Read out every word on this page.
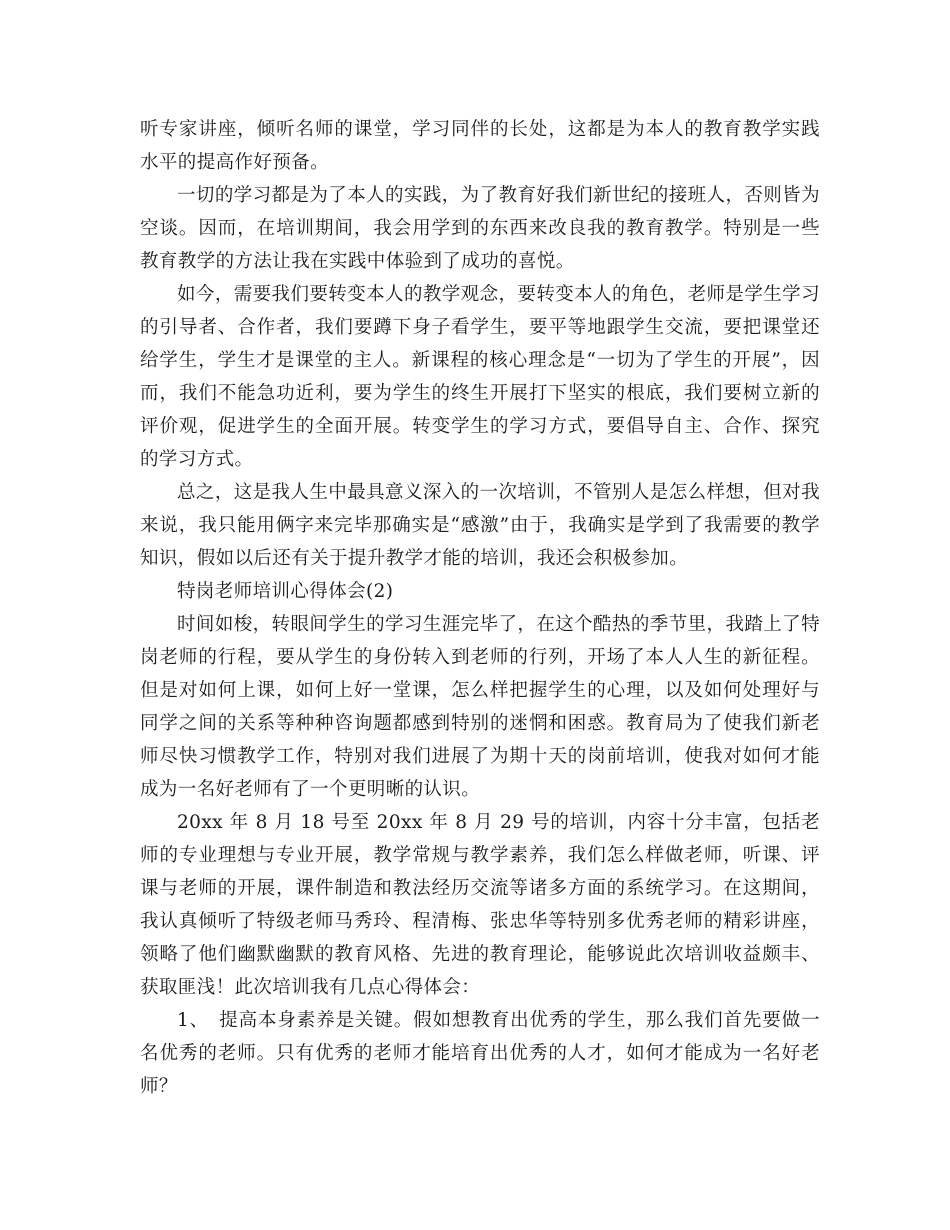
听专家讲座，倾听名师的课堂，学习同伴的长处，这都是为本人的教育教学实践水平的提高作好预备。

一切的学习都是为了本人的实践，为了教育好我们新世纪的接班人，否则皆为空谈。因而，在培训期间，我会用学到的东西来改良我的教育教学。特别是一些教育教学的方法让我在实践中体验到了成功的喜悦。

如今，需要我们要转变本人的教学观念，要转变本人的角色，老师是学生学习的引导者、合作者，我们要蹲下身子看学生，要平等地跟学生交流，要把课堂还给学生，学生才是课堂的主人。新课程的核心理念是“一切为了学生的开展”，因而，我们不能急功近利，要为学生的终生开展打下坚实的根底，我们要树立新的评价观，促进学生的全面开展。转变学生的学习方式，要倡导自主、合作、探究的学习方式。

总之，这是我人生中最具意义深入的一次培训，不管别人是怎么样想，但对我来说，我只能用俩字来完毕那确实是“感激”由于，我确实是学到了我需要的教学知识，假如以后还有关于提升教学才能的培训，我还会积极参加。

特岗老师培训心得体会(2)

时间如梭，转眼间学生的学习生涯完毕了，在这个酷热的季节里，我踏上了特岗老师的行程，要从学生的身份转入到老师的行列，开场了本人人生的新征程。但是对如何上课，如何上好一堂课，怎么样把握学生的心理，以及如何处理好与同学之间的关系等种种咨询题都感到特别的迷惘和困惑。教育局为了使我们新老师尽快习惯教学工作，特别对我们进展了为期十天的岗前培训，使我对如何才能成为一名好老师有了一个更明晰的认识。

20xx 年 8 月 18 号至 20xx 年 8 月 29 号的培训，内容十分丰富，包括老师的专业理想与专业开展，教学常规与教学素养，我们怎么样做老师，听课、评课与老师的开展，课件制造和教法经历交流等诸多方面的系统学习。在这期间，我认真倾听了特级老师马秀玲、程清梅、张忠华等特别多优秀老师的精彩讲座，领略了他们幽默幽默的教育风格、先进的教育理论，能够说此次培训收益颇丰、获取匪浅！此次培训我有几点心得体会：

1、　提高本身素养是关键。假如想教育出优秀的学生，那么我们首先要做一名优秀的老师。只有优秀的老师才能培育出优秀的人才，如何才能成为一名好老师？
